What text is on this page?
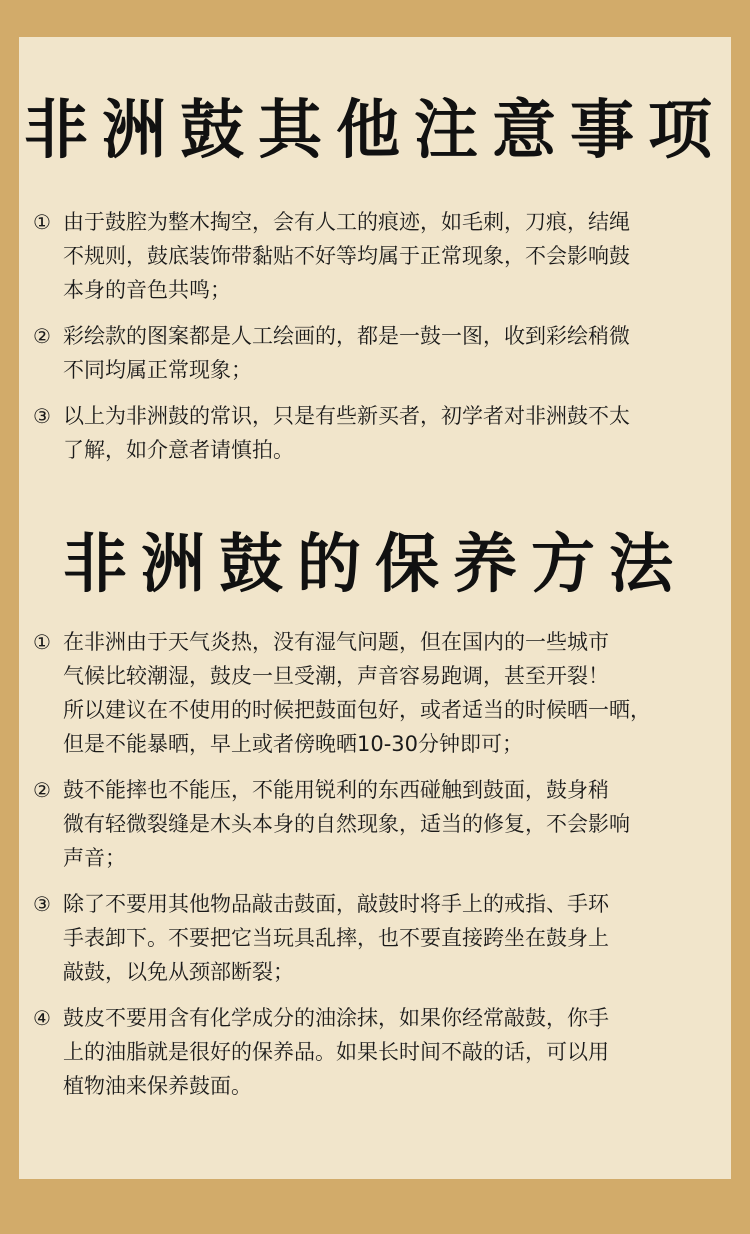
非洲鼓其他注意事项
① 由于鼓腔为整木掏空，会有人工的痕迹，如毛刺，刀痕，结绳
不规则，鼓底装饰带黏贴不好等均属于正常现象，不会影响鼓
本身的音色共鸣；
② 彩绘款的图案都是人工绘画的，都是一鼓一图，收到彩绘稍微
不同均属正常现象；
③ 以上为非洲鼓的常识，只是有些新买者，初学者对非洲鼓不太
了解，如介意者请慎拍。
非洲鼓的保养方法
① 在非洲由于天气炎热，没有湿气问题，但在国内的一些城市
气候比较潮湿，鼓皮一旦受潮，声音容易跑调，甚至开裂！
所以建议在不使用的时候把鼓面包好，或者适当的时候晒一晒，
但是不能暴晒，早上或者傍晚晒10-30分钟即可；
② 鼓不能摔也不能压，不能用锐利的东西碰触到鼓面，鼓身稍
微有轻微裂缝是木头本身的自然现象，适当的修复，不会影响
声音；
③ 除了不要用其他物品敲击鼓面，敲鼓时将手上的戒指、手环
手表卸下。不要把它当玩具乱摔，也不要直接跨坐在鼓身上
敲鼓，以免从颈部断裂；
④ 鼓皮不要用含有化学成分的油涂抹，如果你经常敲鼓，你手
上的油脂就是很好的保养品。如果长时间不敲的话，可以用
植物油来保养鼓面。
